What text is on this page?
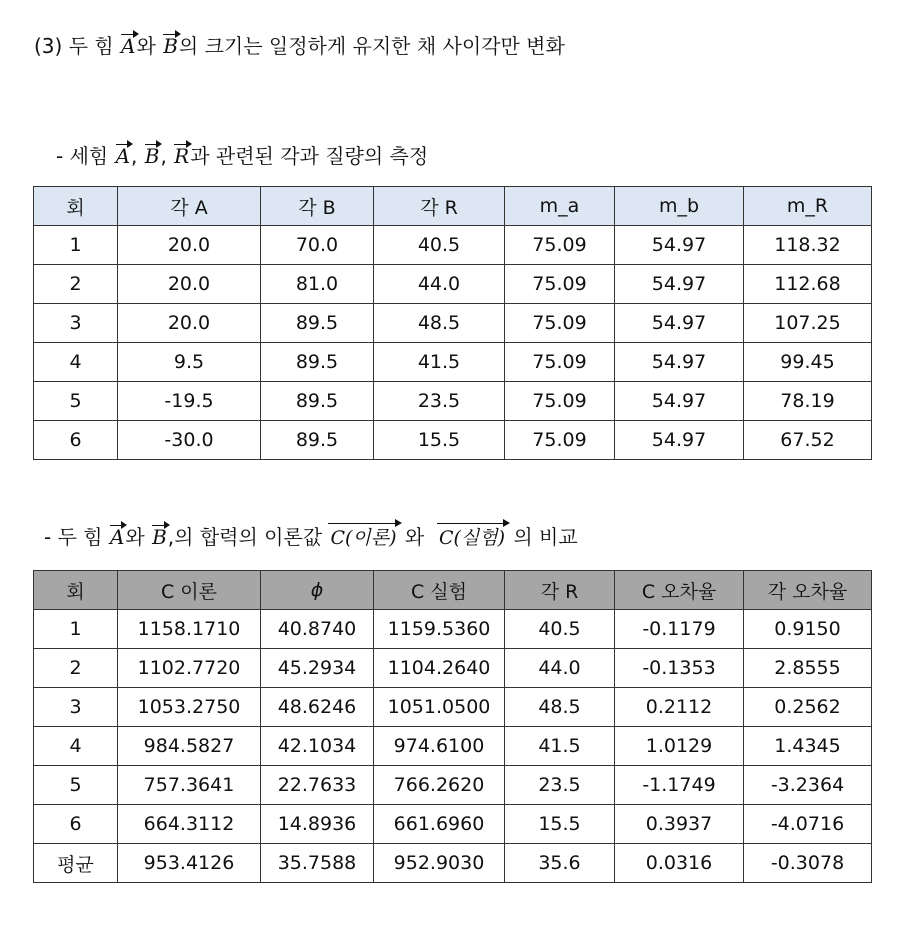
(3) 두 힘 A와 B의 크기는 일정하게 유지한 채 사이각만 변화
- 세힘 A, B, R과 관련된 각과 질량의 측정
회	각 A	각 B	각 R	m_a	m_b	m_R
1	20.0	70.0	40.5	75.09	54.97	118.32
2	20.0	81.0	44.0	75.09	54.97	112.68
3	20.0	89.5	48.5	75.09	54.97	107.25
4	9.5	89.5	41.5	75.09	54.97	99.45
5	-19.5	89.5	23.5	75.09	54.97	78.19
6	-30.0	89.5	15.5	75.09	54.97	67.52
- 두 힘 A와 B,의 합력의 이론값 C(이론) 와 C(실험) 의 비교
회	C 이론	ϕ	C 실험	각 R	C 오차율	각 오차율
1	1158.1710	40.8740	1159.5360	40.5	-0.1179	0.9150
2	1102.7720	45.2934	1104.2640	44.0	-0.1353	2.8555
3	1053.2750	48.6246	1051.0500	48.5	0.2112	0.2562
4	984.5827	42.1034	974.6100	41.5	1.0129	1.4345
5	757.3641	22.7633	766.2620	23.5	-1.1749	-3.2364
6	664.3112	14.8936	661.6960	15.5	0.3937	-4.0716
평균	953.4126	35.7588	952.9030	35.6	0.0316	-0.3078
